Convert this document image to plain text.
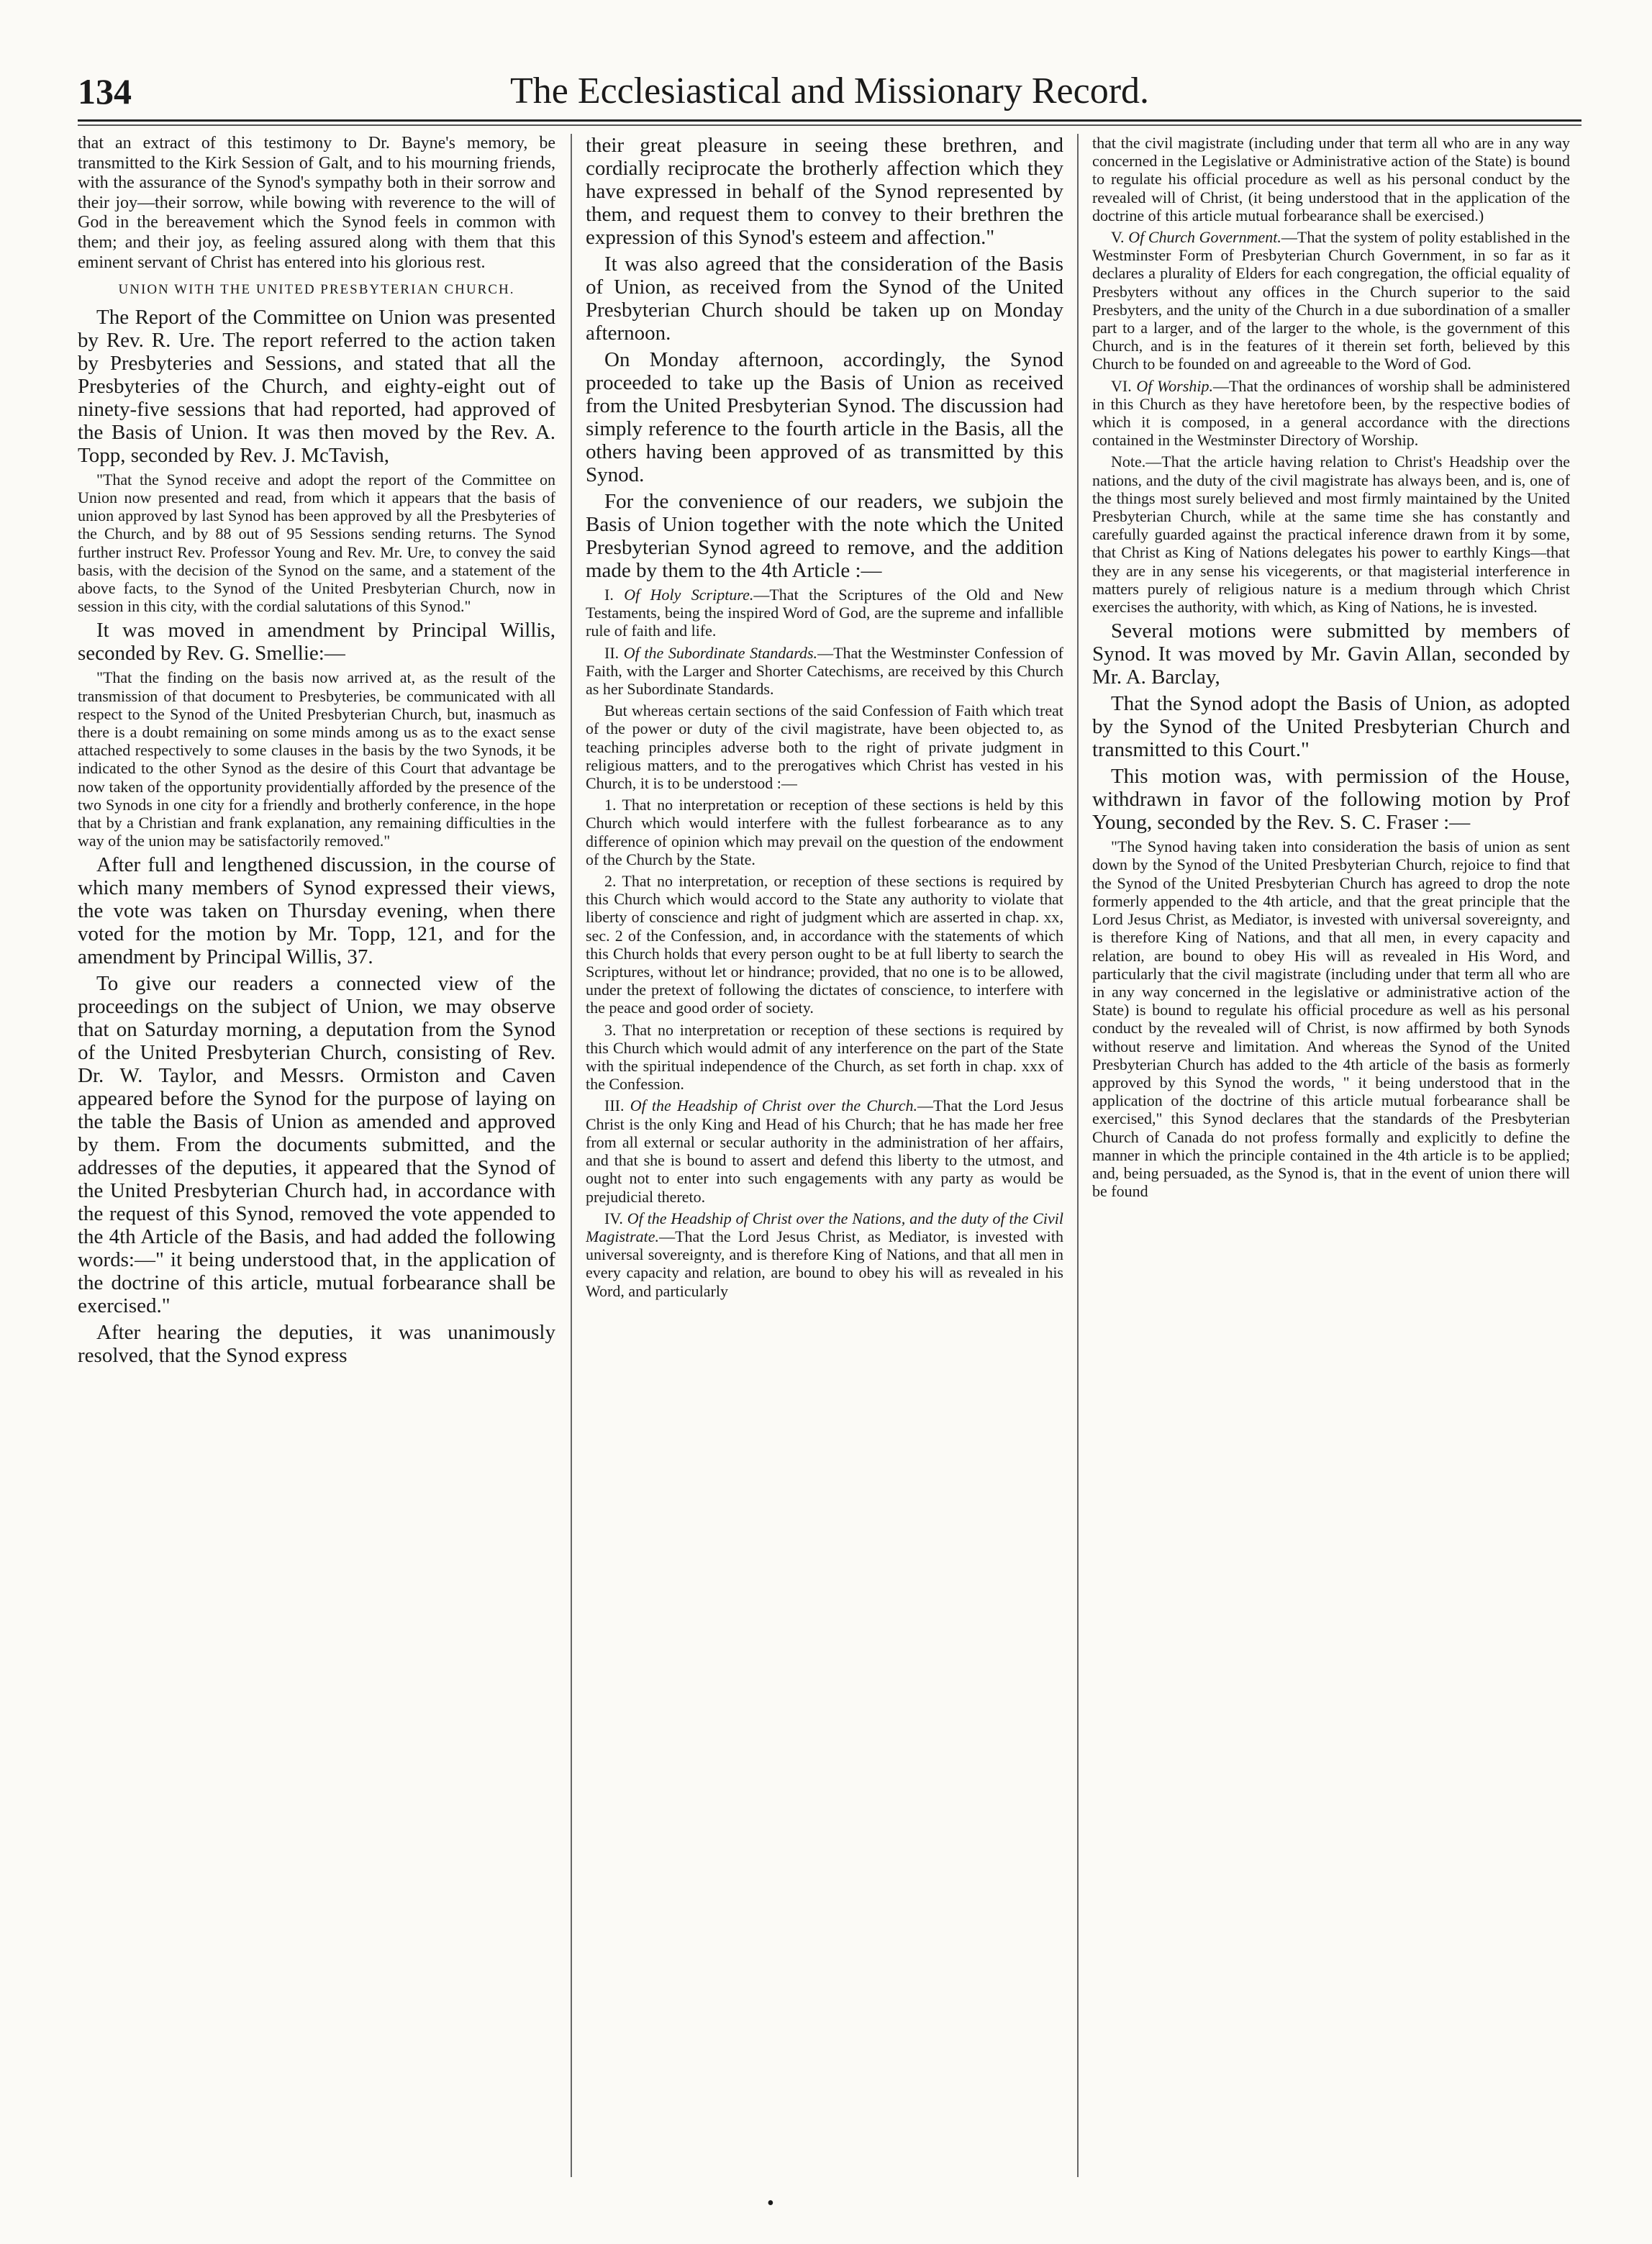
134	The Ecclesiastical and Missionary Record.

that an extract of this testimony to Dr. Bayne's memory, be transmitted to the Kirk Session of Galt, and to his mourning friends, with the assurance of the Synod's sympathy both in their sorrow and their joy—their sorrow, while bowing with reverence to the will of God in the bereavement which the Synod feels in common with them; and their joy, as feeling assured along with them that this eminent servant of Christ has entered into his glorious rest.

UNION WITH THE UNITED PRESBYTERIAN CHURCH.

The Report of the Committee on Union was presented by Rev. R. Ure. The report referred to the action taken by Presbyteries and Sessions, and stated that all the Presbyteries of the Church, and eighty-eight out of ninety-five sessions that had reported, had approved of the Basis of Union. It was then moved by the Rev. A. Topp, seconded by Rev. J. McTavish,

"That the Synod receive and adopt the report of the Committee on Union now presented and read, from which it appears that the basis of union approved by last Synod has been approved by all the Presbyteries of the Church, and by 88 out of 95 Sessions sending returns. The Synod further instruct Rev. Professor Young and Rev. Mr. Ure, to convey the said basis, with the decision of the Synod on the same, and a statement of the above facts, to the Synod of the United Presbyterian Church, now in session in this city, with the cordial salutations of this Synod."

It was moved in amendment by Principal Willis, seconded by Rev. G. Smellie:—

"That the finding on the basis now arrived at, as the result of the transmission of that document to Presbyteries, be communicated with all respect to the Synod of the United Presbyterian Church, but, inasmuch as there is a doubt remaining on some minds among us as to the exact sense attached respectively to some clauses in the basis by the two Synods, it be indicated to the other Synod as the desire of this Court that advantage be now taken of the opportunity providentially afforded by the presence of the two Synods in one city for a friendly and brotherly conference, in the hope that by a Christian and frank explanation, any remaining difficulties in the way of the union may be satisfactorily removed."

After full and lengthened discussion, in the course of which many members of Synod expressed their views, the vote was taken on Thursday evening, when there voted for the motion by Mr. Topp, 121, and for the amendment by Principal Willis, 37.

To give our readers a connected view of the proceedings on the subject of Union, we may observe that on Saturday morning, a deputation from the Synod of the United Presbyterian Church, consisting of Rev. Dr. W. Taylor, and Messrs. Ormiston and Caven appeared before the Synod for the purpose of laying on the table the Basis of Union as amended and approved by them. From the documents submitted, and the addresses of the deputies, it appeared that the Synod of the United Presbyterian Church had, in accordance with the request of this Synod, removed the vote appended to the 4th Article of the Basis, and had added the following words:—" it being understood that, in the application of the doctrine of this article, mutual forbearance shall be exercised."

After hearing the deputies, it was unanimously resolved, that the Synod express

their great pleasure in seeing these brethren, and cordially reciprocate the brotherly affection which they have expressed in behalf of the Synod represented by them, and request them to convey to their brethren the expression of this Synod's esteem and affection."

It was also agreed that the consideration of the Basis of Union, as received from the Synod of the United Presbyterian Church should be taken up on Monday afternoon.

On Monday afternoon, accordingly, the Synod proceeded to take up the Basis of Union as received from the United Presbyterian Synod. The discussion had simply reference to the fourth article in the Basis, all the others having been approved of as transmitted by this Synod.

For the convenience of our readers, we subjoin the Basis of Union together with the note which the United Presbyterian Synod agreed to remove, and the addition made by them to the 4th Article :—

I. Of Holy Scripture.—That the Scriptures of the Old and New Testaments, being the inspired Word of God, are the supreme and infallible rule of faith and life.

II. Of the Subordinate Standards.—That the Westminster Confession of Faith, with the Larger and Shorter Catechisms, are received by this Church as her Subordinate Standards.

But whereas certain sections of the said Confession of Faith which treat of the power or duty of the civil magistrate, have been objected to, as teaching principles adverse both to the right of private judgment in religious matters, and to the prerogatives which Christ has vested in his Church, it is to be understood :—

1. That no interpretation or reception of these sections is held by this Church which would interfere with the fullest forbearance as to any difference of opinion which may prevail on the question of the endowment of the Church by the State.

2. That no interpretation, or reception of these sections is required by this Church which would accord to the State any authority to violate that liberty of conscience and right of judgment which are asserted in chap. xx, sec. 2 of the Confession, and, in accordance with the statements of which this Church holds that every person ought to be at full liberty to search the Scriptures, without let or hindrance; provided, that no one is to be allowed, under the pretext of following the dictates of conscience, to interfere with the peace and good order of society.

3. That no interpretation or reception of these sections is required by this Church which would admit of any interference on the part of the State with the spiritual independence of the Church, as set forth in chap. xxx of the Confession.

III. Of the Headship of Christ over the Church.—That the Lord Jesus Christ is the only King and Head of his Church; that he has made her free from all external or secular authority in the administration of her affairs, and that she is bound to assert and defend this liberty to the utmost, and ought not to enter into such engagements with any party as would be prejudicial thereto.

IV. Of the Headship of Christ over the Nations, and the duty of the Civil Magistrate.—That the Lord Jesus Christ, as Mediator, is invested with universal sovereignty, and is therefore King of Nations, and that all men in every capacity and relation, are bound to obey his will as revealed in his Word, and particularly

that the civil magistrate (including under that term all who are in any way concerned in the Legislative or Administrative action of the State) is bound to regulate his official procedure as well as his personal conduct by the revealed will of Christ, (it being understood that in the application of the doctrine of this article mutual forbearance shall be exercised.)

V. Of Church Government.—That the system of polity established in the Westminster Form of Presbyterian Church Government, in so far as it declares a plurality of Elders for each congregation, the official equality of Presbyters without any offices in the Church superior to the said Presbyters, and the unity of the Church in a due subordination of a smaller part to a larger, and of the larger to the whole, is the government of this Church, and is in the features of it therein set forth, believed by this Church to be founded on and agreeable to the Word of God.

VI. Of Worship.—That the ordinances of worship shall be administered in this Church as they have heretofore been, by the respective bodies of which it is composed, in a general accordance with the directions contained in the Westminster Directory of Worship.

Note.—That the article having relation to Christ's Headship over the nations, and the duty of the civil magistrate has always been, and is, one of the things most surely believed and most firmly maintained by the United Presbyterian Church, while at the same time she has constantly and carefully guarded against the practical inference drawn from it by some, that Christ as King of Nations delegates his power to earthly Kings—that they are in any sense his vicegerents, or that magisterial interference in matters purely of religious nature is a medium through which Christ exercises the authority, with which, as King of Nations, he is invested.

Several motions were submitted by members of Synod. It was moved by Mr. Gavin Allan, seconded by Mr. A. Barclay,

That the Synod adopt the Basis of Union, as adopted by the Synod of the United Presbyterian Church and transmitted to this Court."

This motion was, with permission of the House, withdrawn in favor of the following motion by Prof Young, seconded by the Rev. S. C. Fraser :—

"The Synod having taken into consideration the basis of union as sent down by the Synod of the United Presbyterian Church, rejoice to find that the Synod of the United Presbyterian Church has agreed to drop the note formerly appended to the 4th article, and that the great principle that the Lord Jesus Christ, as Mediator, is invested with universal sovereignty, and is therefore King of Nations, and that all men, in every capacity and relation, are bound to obey His will as revealed in His Word, and particularly that the civil magistrate (including under that term all who are in any way concerned in the legislative or administrative action of the State) is bound to regulate his official procedure as well as his personal conduct by the revealed will of Christ, is now affirmed by both Synods without reserve and limitation. And whereas the Synod of the United Presbyterian Church has added to the 4th article of the basis as formerly approved by this Synod the words, " it being understood that in the application of the doctrine of this article mutual forbearance shall be exercised," this Synod declares that the standards of the Presbyterian Church of Canada do not profess formally and explicitly to define the manner in which the principle contained in the 4th article is to be applied; and, being persuaded, as the Synod is, that in the event of union there will be found

•
